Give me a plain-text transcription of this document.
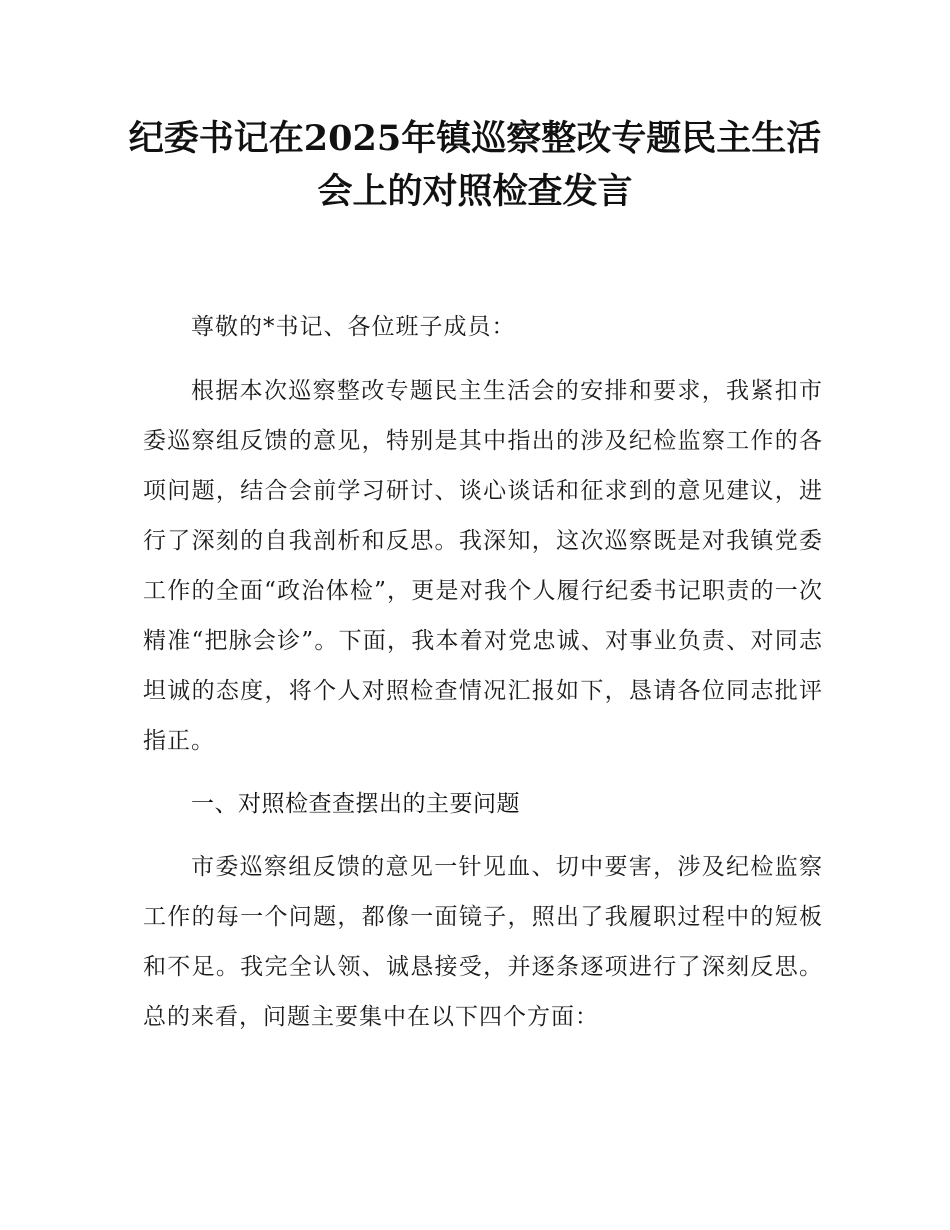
纪委书记在2025年镇巡察整改专题民主生活
会上的对照检查发言

尊敬的*书记、各位班子成员：

根据本次巡察整改专题民主生活会的安排和要求，我紧扣市委巡察组反馈的意见，特别是其中指出的涉及纪检监察工作的各项问题，结合会前学习研讨、谈心谈话和征求到的意见建议，进行了深刻的自我剖析和反思。我深知，这次巡察既是对我镇党委工作的全面“政治体检”，更是对我个人履行纪委书记职责的一次精准“把脉会诊”。下面，我本着对党忠诚、对事业负责、对同志坦诚的态度，将个人对照检查情况汇报如下，恳请各位同志批评指正。

一、对照检查查摆出的主要问题

市委巡察组反馈的意见一针见血、切中要害，涉及纪检监察工作的每一个问题，都像一面镜子，照出了我履职过程中的短板和不足。我完全认领、诚恳接受，并逐条逐项进行了深刻反思。总的来看，问题主要集中在以下四个方面：
